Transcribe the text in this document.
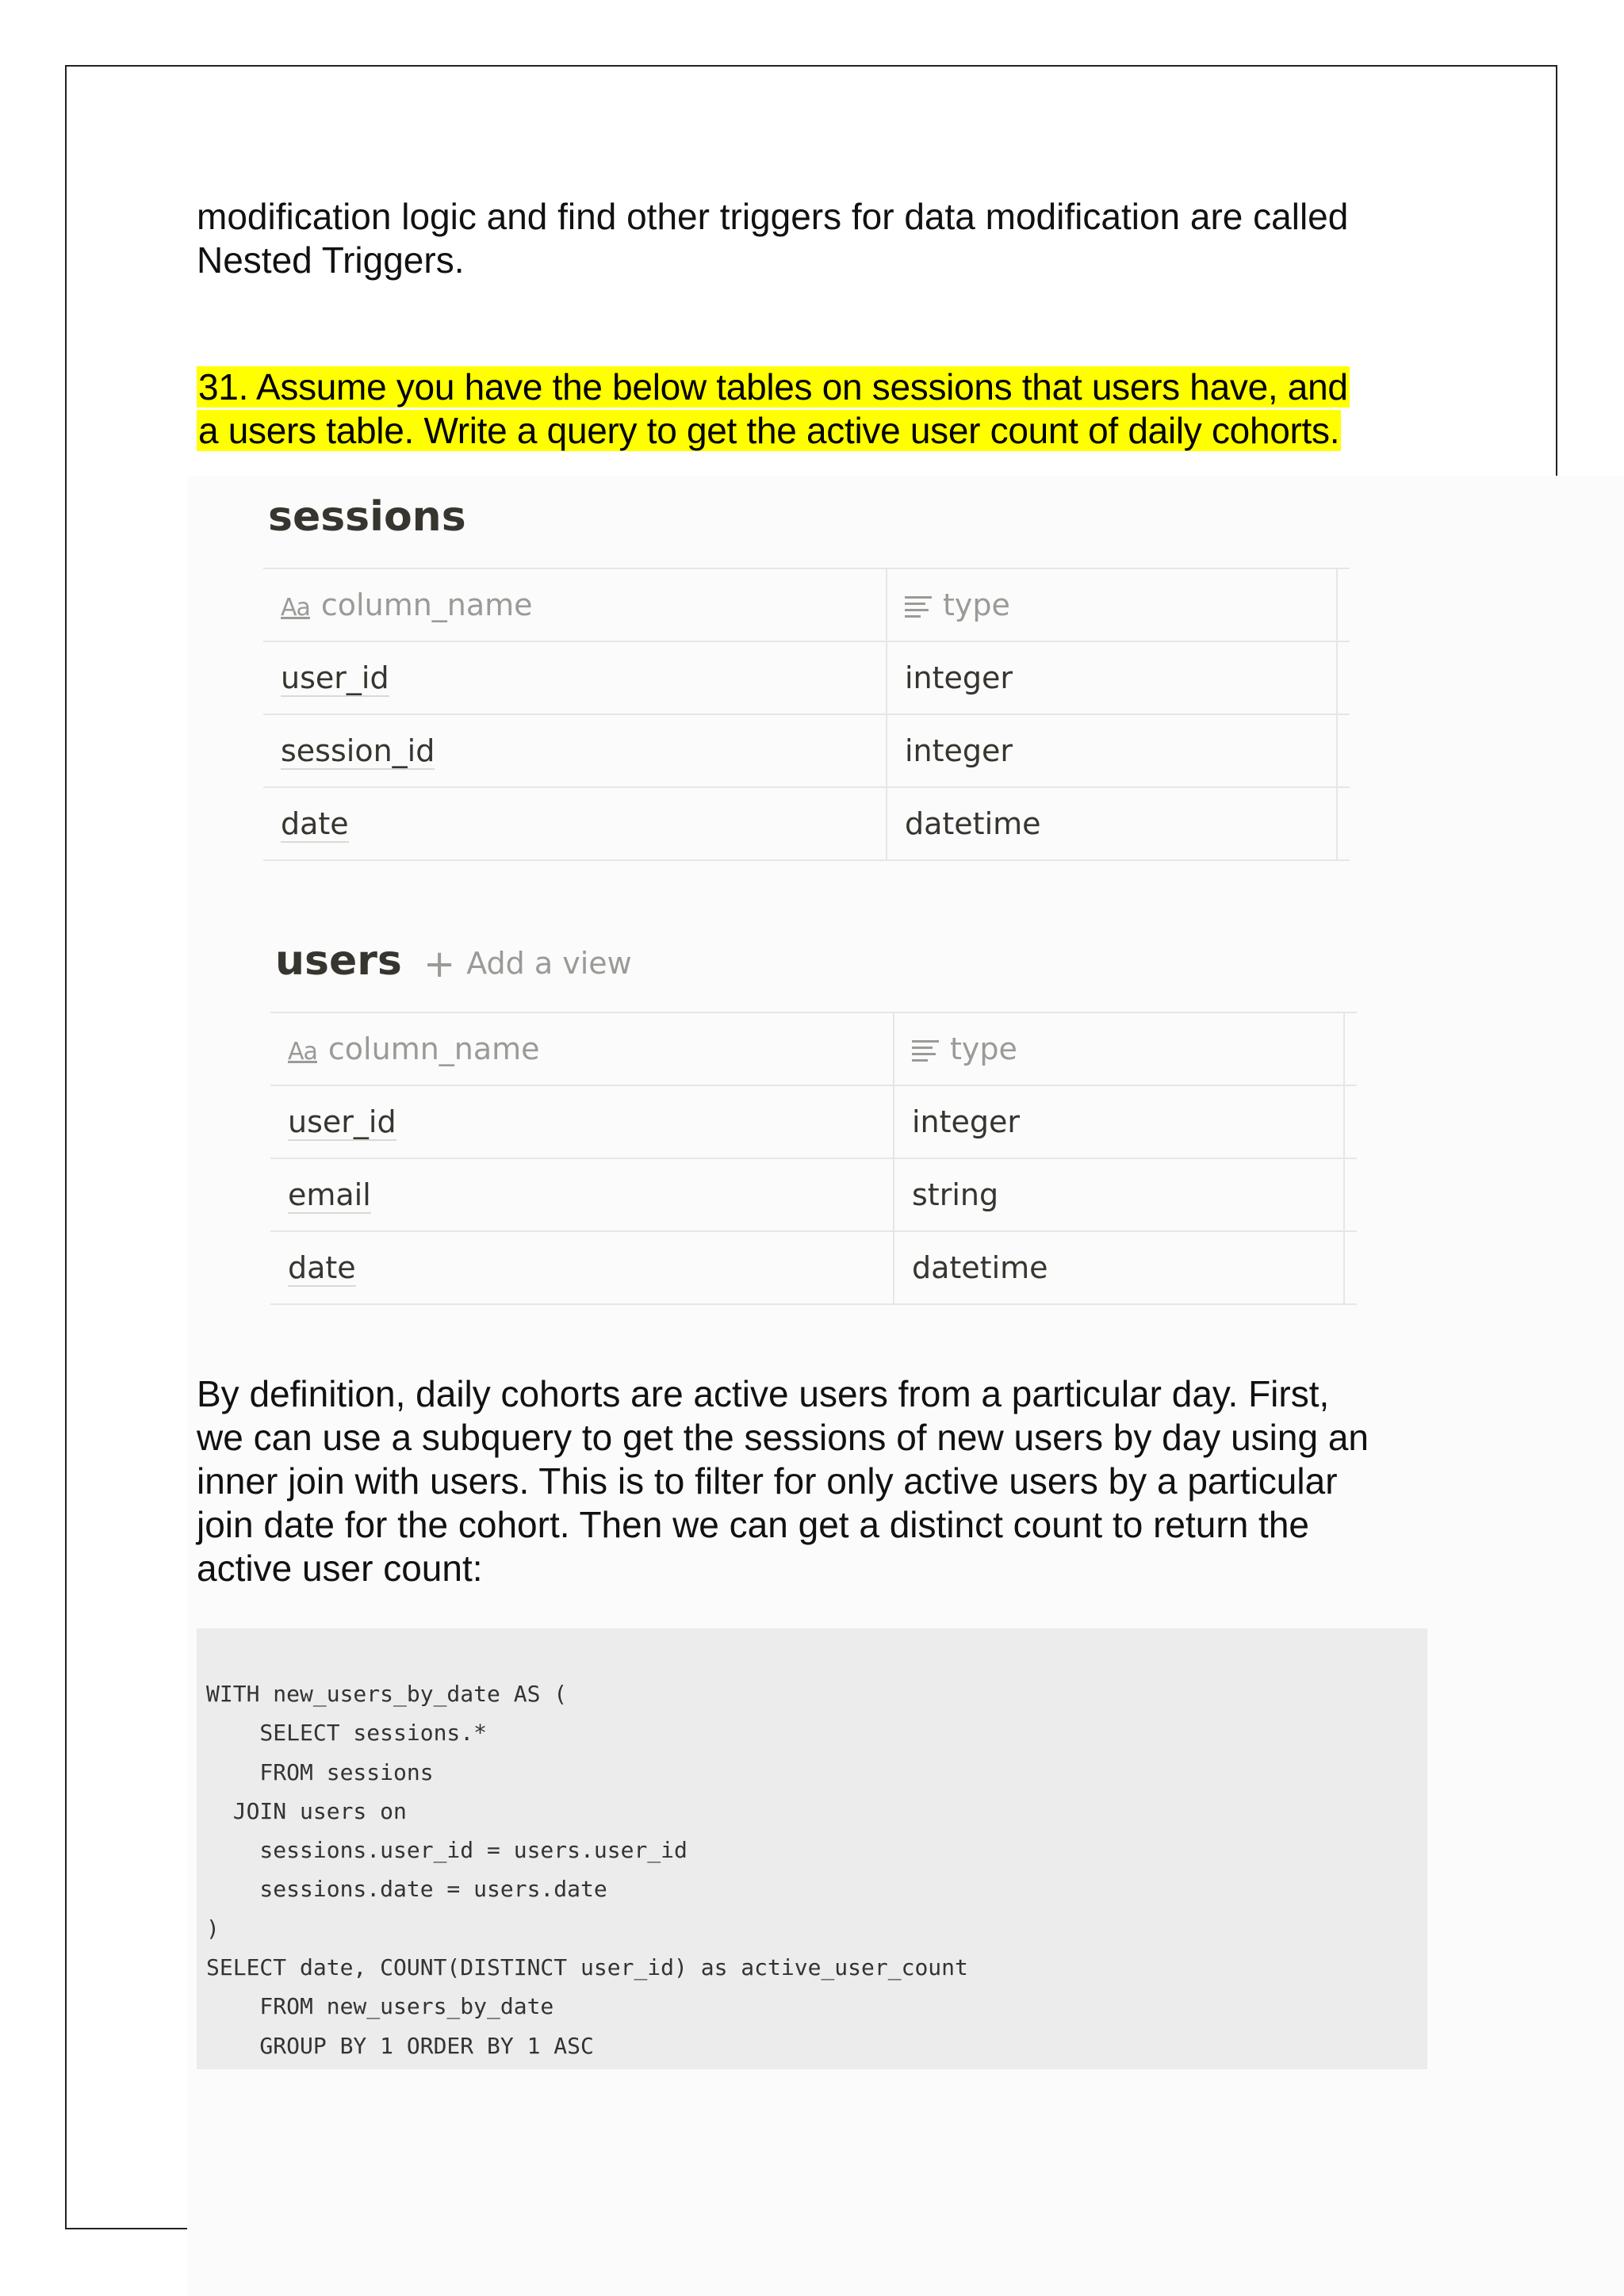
modification logic and find other triggers for data modification are called
Nested Triggers.
31. Assume you have the below tables on sessions that users have, and
a users table. Write a query to get the active user count of daily cohorts.
sessions
Aa column_name	type	
user_id	integer	
session_id	integer	
date	datetime	
users + Add a view
Aa column_name	type	
user_id	integer	
email	string	
date	datetime	
By definition, daily cohorts are active users from a particular day. First,
we can use a subquery to get the sessions of new users by day using an
inner join with users. This is to filter for only active users by a particular
join date for the cohort. Then we can get a distinct count to return the
active user count:
WITH new_users_by_date AS (
SELECT sessions.*
FROM sessions
JOIN users on
sessions.user_id = users.user_id
sessions.date = users.date
)
SELECT date, COUNT(DISTINCT user_id) as active_user_count
FROM new_users_by_date
GROUP BY 1 ORDER BY 1 ASC
